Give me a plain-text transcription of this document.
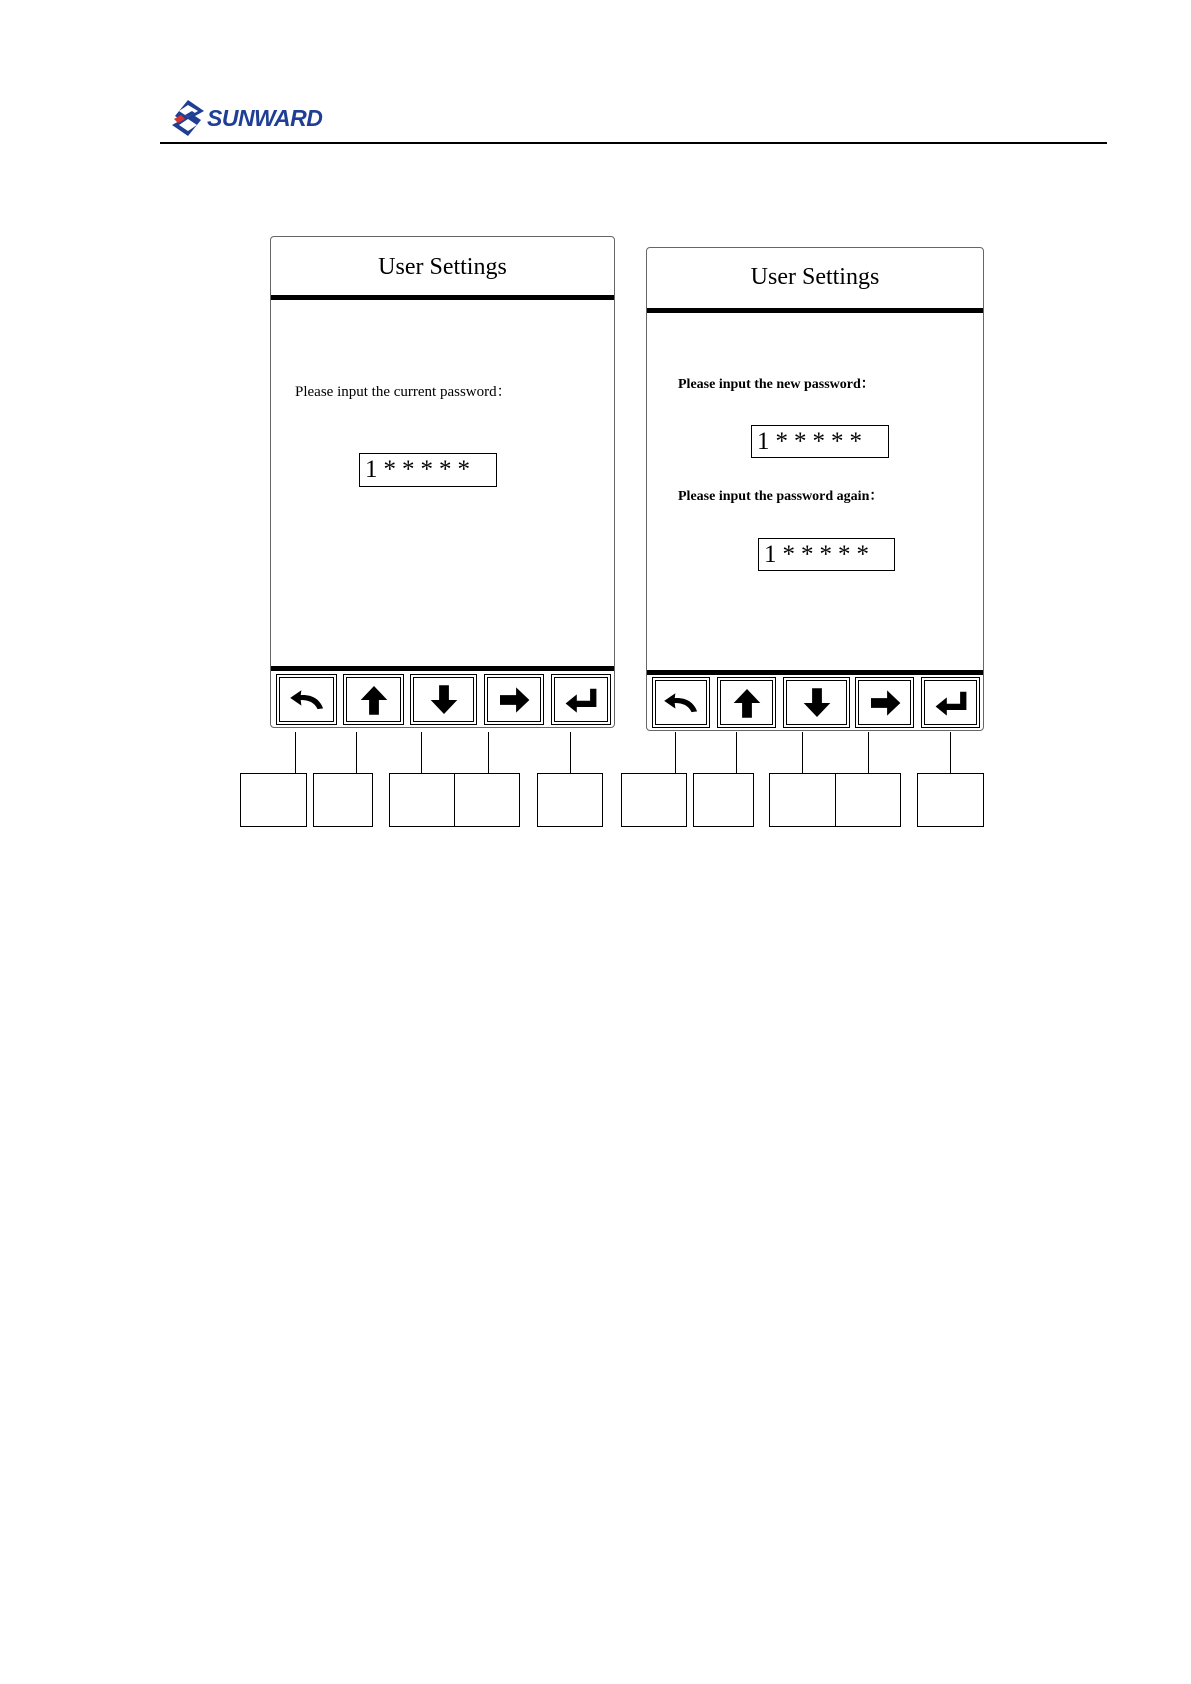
SUNWARD
User Settings
Please input the current password：
1*****
User Settings
Please input the new password：
1*****
Please input the password again：
1*****
